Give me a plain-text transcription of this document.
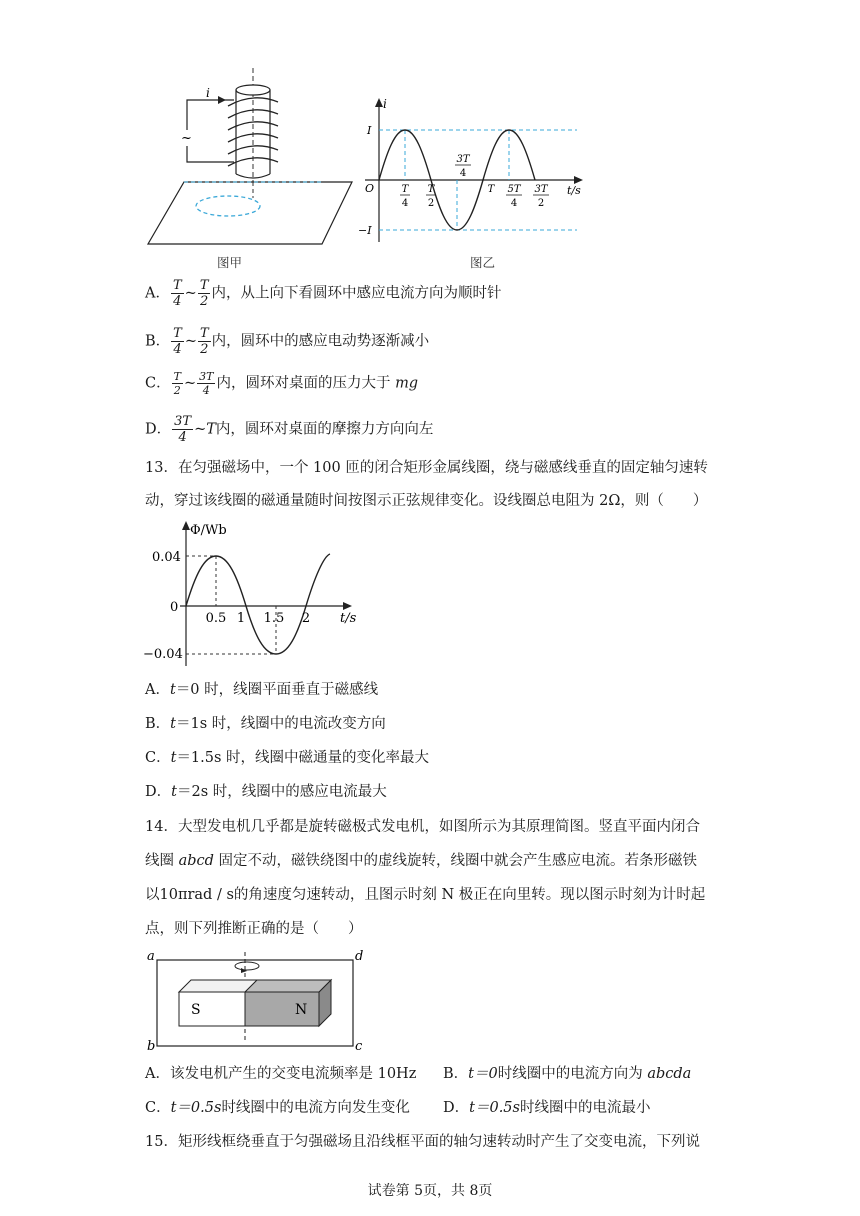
i
~
图甲
i
t/s
O
I
−I
T
4
T
2
3T
4
T 5T
4
3T
2
图乙
A． $\frac{T}{4}$ ~ $\frac{T}{2}$ 内，从上向下看圆环中感应电流方向为顺时针
B． $\frac{T}{4}$ ~ $\frac{T}{2}$ 内，圆环中的感应电动势逐渐减小
C． $\frac{T}{2}$ ~ $\frac{3T}{4}$ 内，圆环对桌面的压力大于 mg
D． $\frac{3T}{4}$ ~T内，圆环对桌面的摩擦力方向向左
13．在匀强磁场中，一个 100 匝的闭合矩形金属线圈，绕与磁感线垂直的固定轴匀速转
动，穿过该线圈的磁通量随时间按图示正弦规律变化。设线圈总电阻为 2Ω，则（　　）
Φ/Wb
t/s
0.04
0
−0.04
0.5 1 1.5 2
A．t＝0 时，线圈平面垂直于磁感线
B．t＝1s 时，线圈中的电流改变方向
C．t＝1.5s 时，线圈中磁通量的变化率最大
D．t＝2s 时，线圈中的感应电流最大
14．大型发电机几乎都是旋转磁极式发电机，如图所示为其原理简图。竖直平面内闭合
线圈 abcd 固定不动，磁铁绕图中的虚线旋转，线圈中就会产生感应电流。若条形磁铁
以10πrad / s的角速度匀速转动，且图示时刻 N 极正在向里转。现以图示时刻为计时起
点，则下列推断正确的是（　　）
a
b	c
d
S	N
A．该发电机产生的交变电流频率是 10Hz B．t＝0时线圈中的电流方向为 abcda
C．t＝0.5s时线圈中的电流方向发生变化 D．t＝0.5s时线圈中的电流最小
15．矩形线框绕垂直于匀强磁场且沿线框平面的轴匀速转动时产生了交变电流，下列说
试卷第 5页，共 8页
